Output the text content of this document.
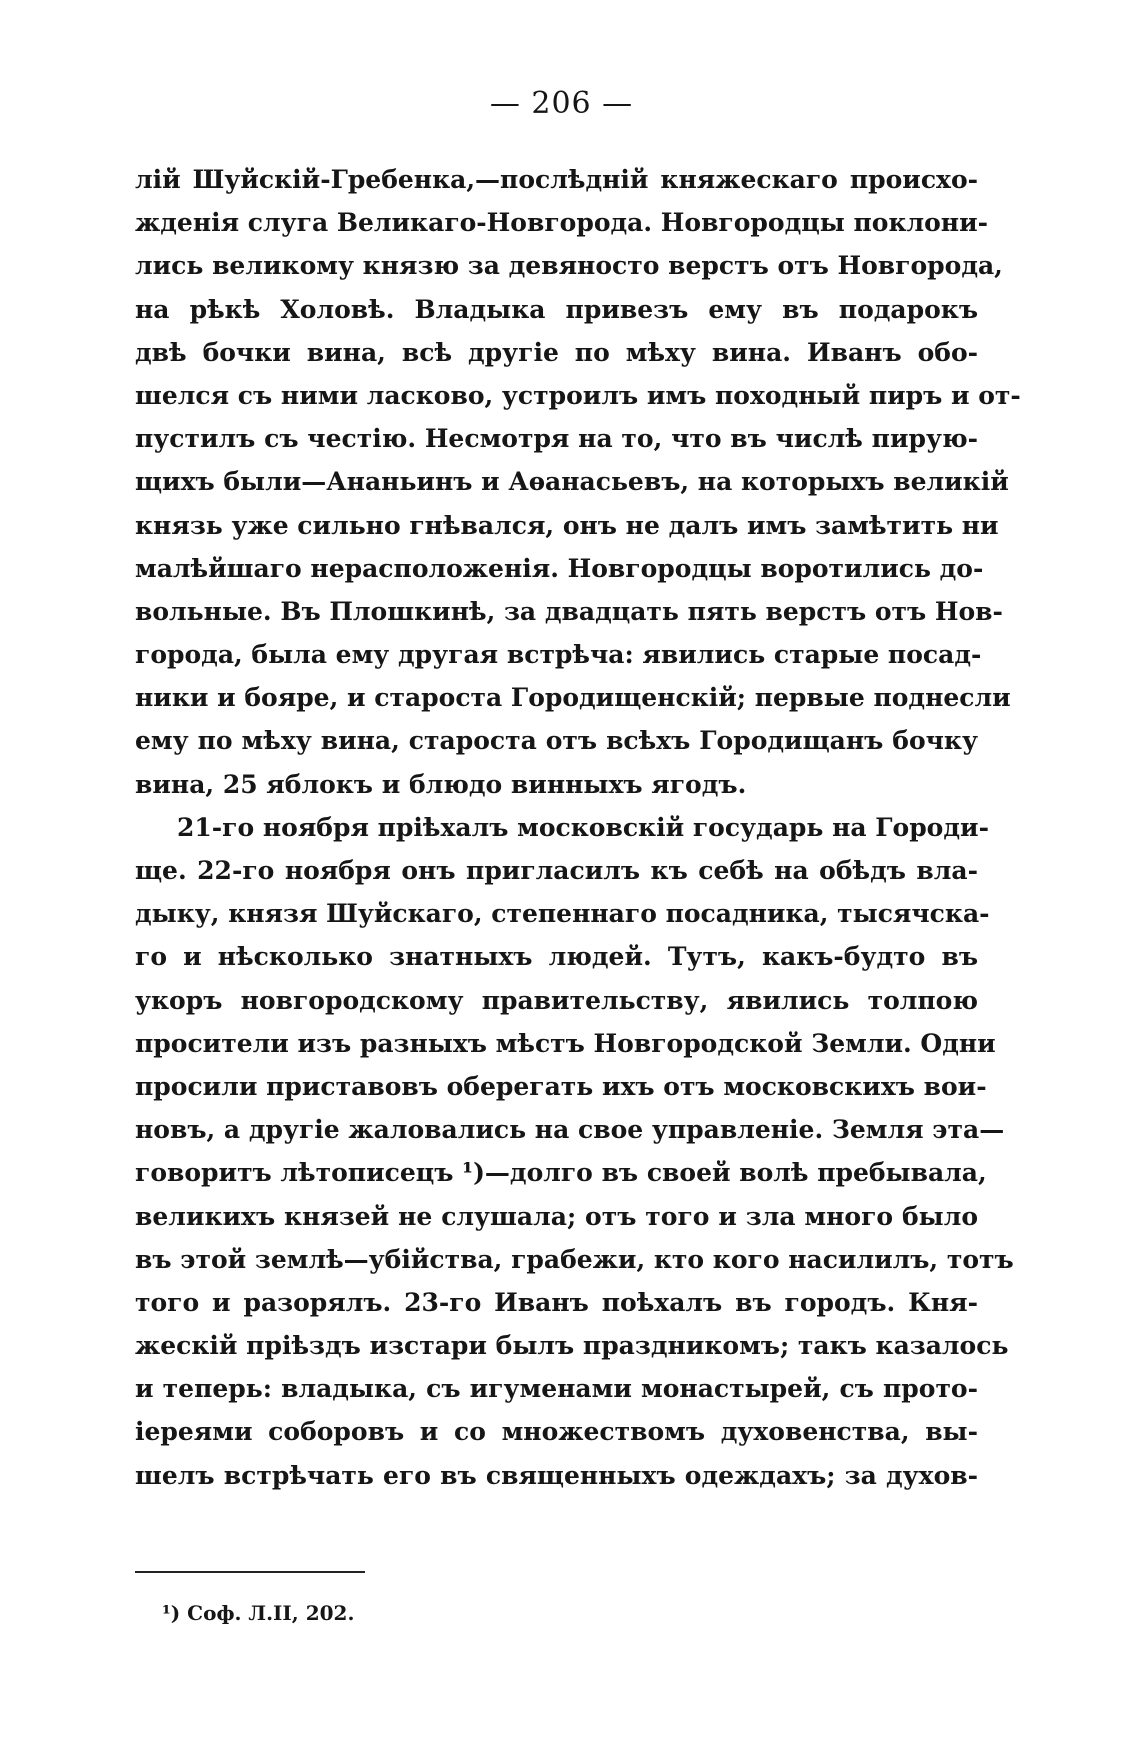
— 206 —
лій Шуйскій-Гребенка,—послѣдній княжескаго происхо-
жденія слуга Великаго-Новгорода. Новгородцы поклони-
лись великому князю за девяносто верстъ отъ Новгорода,
на рѣкѣ Холовѣ. Владыка привезъ ему въ подарокъ
двѣ бочки вина, всѣ другіе по мѣху вина. Иванъ обо-
шелся съ ними ласково, устроилъ имъ походный пиръ и от-
пустилъ съ честію. Несмотря на то, что въ числѣ пирую-
щихъ были—Ананьинъ и Аѳанасьевъ, на которыхъ великій
князь уже сильно гнѣвался, онъ не далъ имъ замѣтить ни
малѣйшаго нерасположенія. Новгородцы воротились до-
вольные. Въ Плошкинѣ, за двадцать пять верстъ отъ Нов-
города, была ему другая встрѣча: явились старые посад-
ники и бояре, и староста Городищенскій; первые поднесли
ему по мѣху вина, староста отъ всѣхъ Городищанъ бочку
вина, 25 яблокъ и блюдо винныхъ ягодъ.
21-го ноября пріѣхалъ московскій государь на Городи-
ще. 22-го ноября онъ пригласилъ къ себѣ на обѣдъ вла-
дыку, князя Шуйскаго, степеннаго посадника, тысячска-
го и нѣсколько знатныхъ людей. Тутъ, какъ-будто въ
укоръ новгородскому правительству, явились толпою
просители изъ разныхъ мѣстъ Новгородской Земли. Одни
просили приставовъ оберегать ихъ отъ московскихъ вои-
новъ, а другіе жаловались на свое управленіе. Земля эта—
говоритъ лѣтописецъ ¹)—долго въ своей волѣ пребывала,
великихъ князей не слушала; отъ того и зла много было
въ этой землѣ—убійства, грабежи, кто кого насилилъ, тотъ
того и разорялъ. 23-го Иванъ поѣхалъ въ городъ. Кня-
жескій пріѣздъ изстари былъ праздникомъ; такъ казалось
и теперь: владыка, съ игуменами монастырей, съ прото-
іереями соборовъ и со множествомъ духовенства, вы-
шелъ встрѣчать его въ священныхъ одеждахъ; за духов-
¹) Соф. Л.II, 202.
